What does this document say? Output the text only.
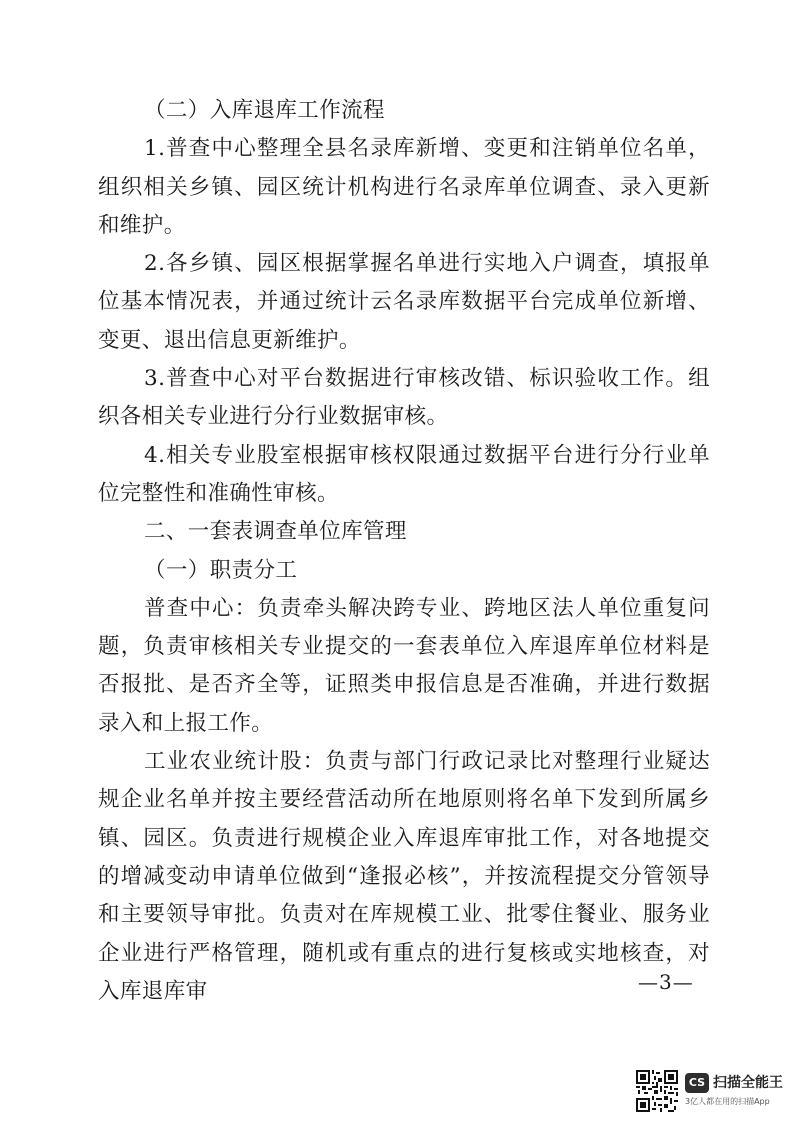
（二）入库退库工作流程

1.普查中心整理全县名录库新增、变更和注销单位名单，组织相关乡镇、园区统计机构进行名录库单位调查、录入更新和维护。

2.各乡镇、园区根据掌握名单进行实地入户调查，填报单位基本情况表，并通过统计云名录库数据平台完成单位新增、变更、退出信息更新维护。

3.普查中心对平台数据进行审核改错、标识验收工作。组织各相关专业进行分行业数据审核。

4.相关专业股室根据审核权限通过数据平台进行分行业单位完整性和准确性审核。

二、一套表调查单位库管理

（一）职责分工

普查中心：负责牵头解决跨专业、跨地区法人单位重复问题，负责审核相关专业提交的一套表单位入库退库单位材料是否报批、是否齐全等，证照类申报信息是否准确，并进行数据录入和上报工作。

工业农业统计股：负责与部门行政记录比对整理行业疑达规企业名单并按主要经营活动所在地原则将名单下发到所属乡镇、园区。负责进行规模企业入库退库审批工作，对各地提交的增减变动申请单位做到“逢报必核”，并按流程提交分管领导和主要领导审批。负责对在库规模工业、批零住餐业、服务业企业进行严格管理，随机或有重点的进行复核或实地核查，对入库退库审	—3—
CS 扫描全能王
3亿人都在用的扫描App
